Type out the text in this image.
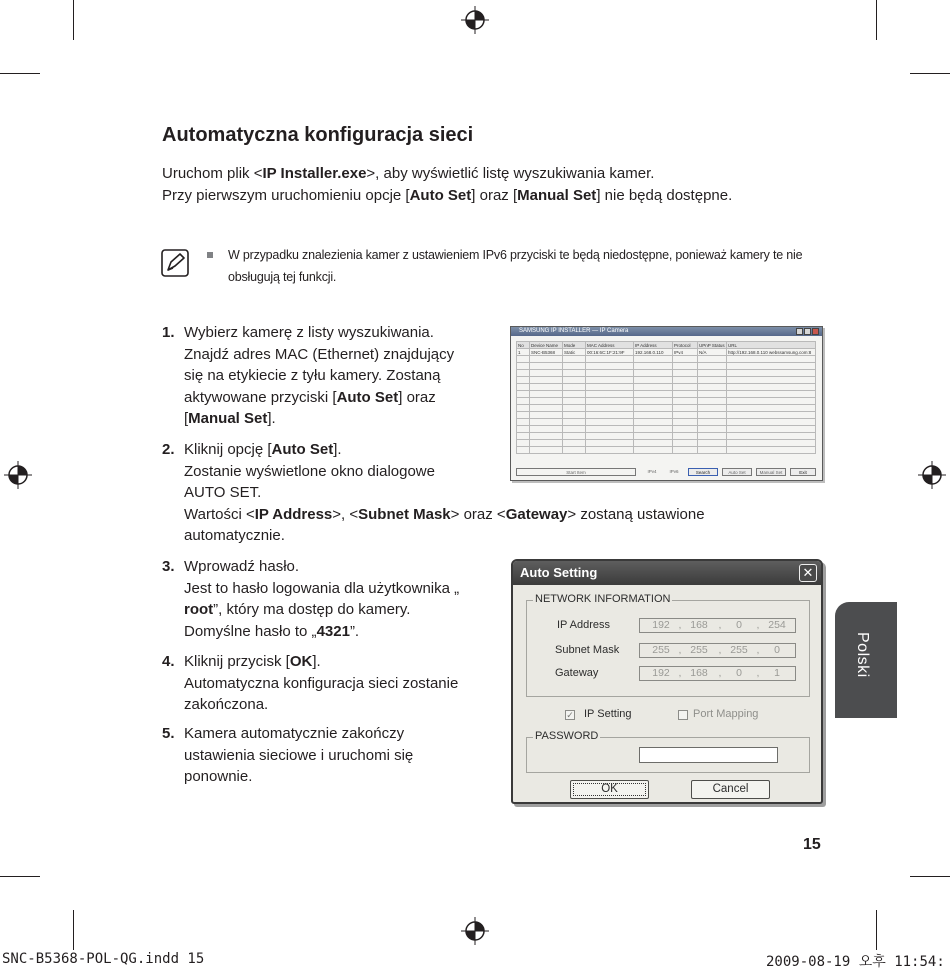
Automatyczna konfiguracja sieci
Uruchom plik <IP Installer.exe>, aby wyświetlić listę wyszukiwania kamer.
Przy pierwszym uruchomieniu opcje [Auto Set] oraz [Manual Set] nie będą dostępne.
W przypadku znalezienia kamer z ustawieniem IPv6 przyciski te będą niedostępne, ponieważ kamery te nie obsługują tej funkcji.
1. Wybierz kamerę z listy wyszukiwania.
Znajdź adres MAC (Ethernet) znajdujący
się na etykiecie z tyłu kamery. Zostaną
aktywowane przyciski [Auto Set] oraz
[Manual Set].
2. Kliknij opcję [Auto Set].
Zostanie wyświetlone okno dialogowe
AUTO SET.
Wartości <IP Address>, <Subnet Mask> oraz <Gateway> zostaną ustawione
automatycznie.
3. Wprowadź hasło.
Jest to hasło logowania dla użytkownika „
root”, który ma dostęp do kamery.
Domyślne hasło to „4321”.
4. Kliknij przycisk [OK].
Automatyczna konfiguracja sieci zostanie
zakończona.
5. Kamera automatycznie zakończy
ustawienia sieciowe i uruchomi się
ponownie.
SAMSUNG IP INSTALLER — IP Camera
No	Device Name	Mode	MAC Address	IP Address	Protocol	UPnP Status	URL
1	SNC-B5368	Static	00:16:6C:1F:21:9F	192.168.0.110	IPv4	N/A	http://192.168.0.110 webssamsung.com:8

Start Item	IPv4	IPv6	Search	Auto Set	Manual Set	Exit
Auto Setting	✕
NETWORK INFORMATION
IP Address	192 , 168	,	0	, 254
Subnet Mask	255 , 255	, 255 ,	0
Gateway	192 , 168	,	0	,	1
✓ IP Setting	Port Mapping
PASSWORD
OK	Cancel
Polski
15
SNC-B5368-POL-QG.indd 15	2009-08-19 오후 11:54:
